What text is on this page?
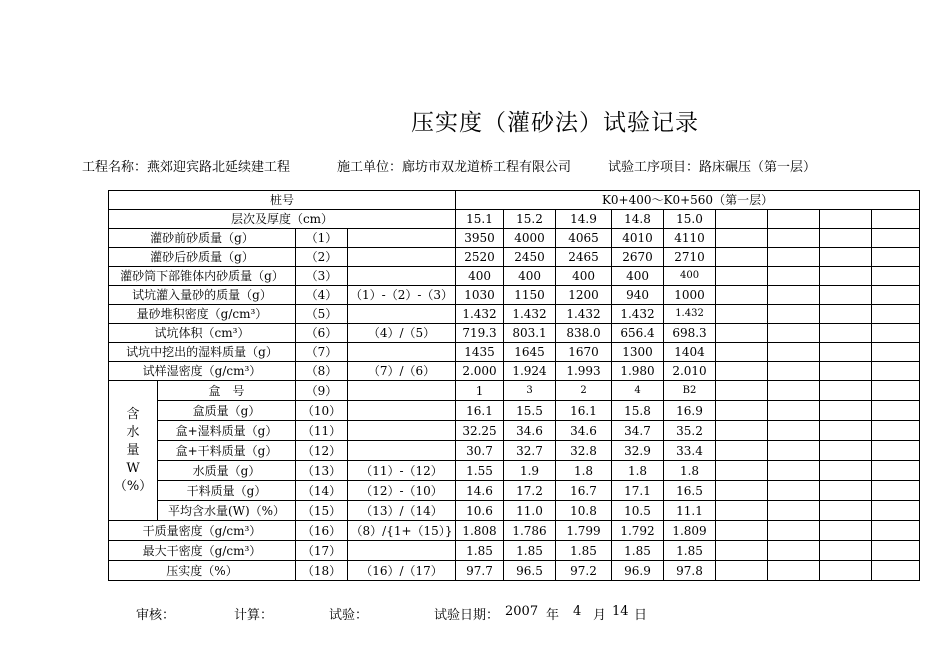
压实度（灌砂法）试验记录
工程名称：燕郊迎宾路北延续建工程	施工单位：廊坊市双龙道桥工程有限公司	试验工序项目：路床碾压（第一层）
桩号				K0+400～K0+560（第一层）								
层次及厚度（cm）				15.1	15.2	14.9	14.8	15.0				
灌砂前砂质量（g）		（1）		3950	4000	4065	4010	4110				
灌砂后砂质量（g）		（2）		2520	2450	2465	2670	2710				
灌砂筒下部锥体内砂质量（g）		（3）		400	400	400	400	400				
试坑灌入量砂的质量（g）		（4）	（1）-（2）-（3）	1030	1150	1200	940	1000				
量砂堆积密度（g/cm³）		（5）		1.432	1.432	1.432	1.432	1.432				
试坑体积（cm³）		（6）	（4）/（5）	719.3	803.1	838.0	656.4	698.3				
试坑中挖出的湿料质量（g）		（7）		1435	1645	1670	1300	1404				
试样湿密度（g/cm³）		（8）	（7）/（6）	2.000	1.924	1.993	1.980	2.010				

含
水
量
W
（%）	盒　号	（9）		1	3	2	4	B2				
	盒质量（g）	（10）		16.1	15.5	16.1	15.8	16.9				
	盒+湿料质量（g）	（11）		32.25	34.6	34.6	34.7	35.2				
	盒+干料质量（g）	（12）		30.7	32.7	32.8	32.9	33.4				
	水质量（g）	（13）	（11）-（12）	1.55	1.9	1.8	1.8	1.8				
	干料质量（g）	（14）	（12）-（10）	14.6	17.2	16.7	17.1	16.5				
	平均含水量(W)（%）	（15）	（13）/（14）	10.6	11.0	10.8	10.5	11.1				
干质量密度（g/cm³）		（16）	（8）/{1+（15）}	1.808	1.786	1.799	1.792	1.809				
最大干密度（g/cm³）		（17）		1.85	1.85	1.85	1.85	1.85				
压实度（%）		（18）	（16）/（17）	97.7	96.5	97.2	96.9	97.8				
审核：	计算：	试验：	试验日期： 2007 年 4 月 14 日
